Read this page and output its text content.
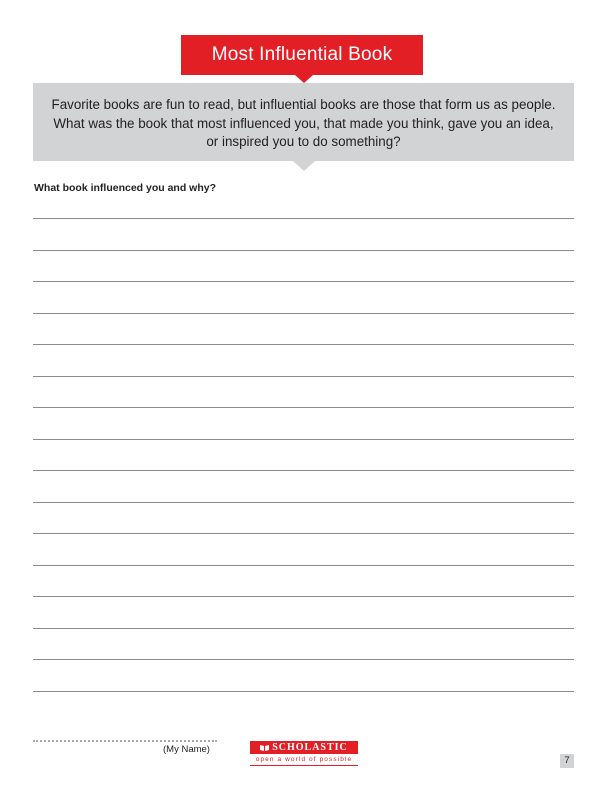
Most Influential Book
Favorite books are fun to read, but influential books are those that form us as people.
What was the book that most influenced you, that made you think, gave you an idea,
or inspired you to do something?
What book influenced you and why?
(My Name)	SCHOLASTIC
open a world of possible	7
